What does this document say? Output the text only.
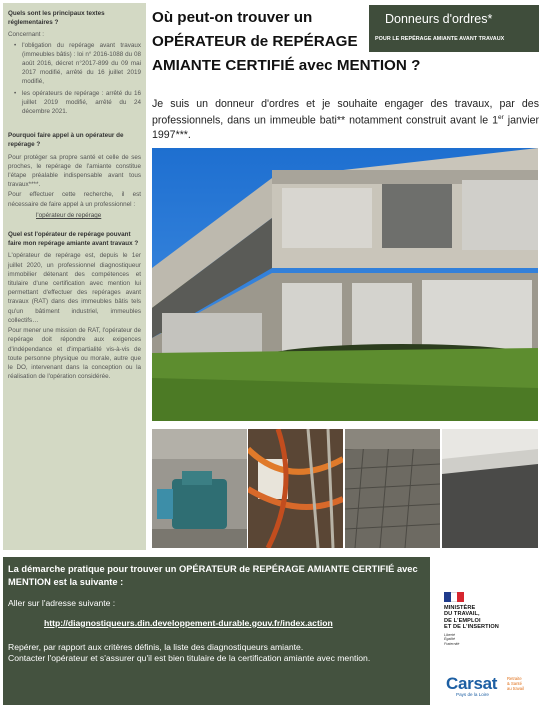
Quels sont les principaux textes réglementaires ?
Concernant :
• l'obligation du repérage avant travaux (immeubles bâtis) : loi n° 2016-1088 du 08 août 2016, décret n°2017-899 du 09 mai 2017 modifié, arrêté du 16 juillet 2019 modifié,
• les opérateurs de repérage : arrêté du 16 juillet 2019 modifié, arrêté du 24 décembre 2021.
Pourquoi faire appel à un opérateur de repérage ?
Pour protéger sa propre santé et celle de ses proches, le repérage de l'amiante constitue l'étape préalable indispensable avant tous travaux****.
Pour effectuer cette recherche, il est nécessaire de faire appel à un professionnel :
l'opérateur de repérage
Quel est l'opérateur de repérage pouvant faire mon repérage amiante avant travaux ?
L'opérateur de repérage est, depuis le 1er juillet 2020, un professionnel diagnostiqueur immobilier détenant des compétences et titulaire d'une certification avec mention lui permettant d'effectuer des repérages avant travaux (RAT) dans des immeubles bâtis tels qu'un bâtiment industriel, immeubles collectifs…
Pour mener une mission de RAT, l'opérateur de repérage doit répondre aux exigences d'indépendance et d'impartialité vis-à-vis de toute personne physique ou morale, autre que le DO, intervenant dans la conception ou la réalisation de l'opération considérée.
Où peut-on trouver un
OPÉRATEUR de REPÉRAGE
AMIANTE CERTIFIÉ avec MENTION ?
Donneurs d'ordres*
POUR LE REPÉRAGE AMIANTE AVANT TRAVAUX
Je suis un donneur d'ordres et je souhaite engager des travaux, par des professionnels, dans un immeuble bati** notamment construit avant le 1er janvier 1997***.
La démarche pratique pour trouver un OPÉRATEUR de REPÉRAGE AMIANTE CERTIFIÉ avec MENTION est la suivante :
Aller sur l'adresse suivante :
http://diagnostiqueurs.din.developpement-durable.gouv.fr/index.action
Repérer, par rapport aux critères définis, la liste des diagnostiqueurs amiante.
Contacter l'opérateur et s'assurer qu'il est bien titulaire de la certification amiante avec mention.
MINISTÈRE
DU TRAVAIL,
DE L'EMPLOI
ET DE L'INSERTION
Liberté
Égalité
Fraternité
Carsat	Retraite
& Santé
au travail
Pays de la Loire
